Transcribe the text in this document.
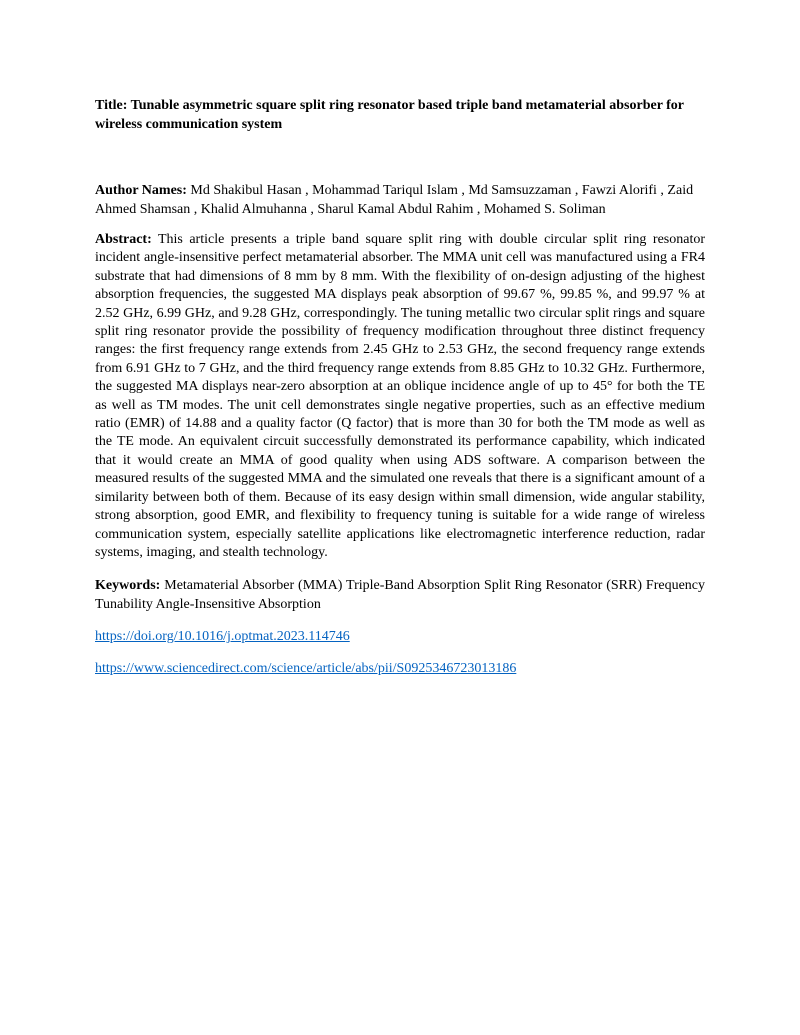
Title: Tunable asymmetric square split ring resonator based triple band metamaterial absorber for wireless communication system

Author Names: Md Shakibul Hasan , Mohammad Tariqul Islam , Md Samsuzzaman , Fawzi Alorifi , Zaid Ahmed Shamsan , Khalid Almuhanna , Sharul Kamal Abdul Rahim , Mohamed S. Soliman
Abstract: This article presents a triple band square split ring with double circular split ring resonator incident angle-insensitive perfect metamaterial absorber. The MMA unit cell was manufactured using a FR4 substrate that had dimensions of 8 mm by 8 mm. With the flexibility of on-design adjusting of the highest absorption frequencies, the suggested MA displays peak absorption of 99.67 %, 99.85 %, and 99.97 % at 2.52 GHz, 6.99 GHz, and 9.28 GHz, correspondingly. The tuning metallic two circular split rings and square split ring resonator provide the possibility of frequency modification throughout three distinct frequency ranges: the first frequency range extends from 2.45 GHz to 2.53 GHz, the second frequency range extends from 6.91 GHz to 7 GHz, and the third frequency range extends from 8.85 GHz to 10.32 GHz. Furthermore, the suggested MA displays near-zero absorption at an oblique incidence angle of up to 45° for both the TE as well as TM modes. The unit cell demonstrates single negative properties, such as an effective medium ratio (EMR) of 14.88 and a quality factor (Q factor) that is more than 30 for both the TM mode as well as the TE mode. An equivalent circuit successfully demonstrated its performance capability, which indicated that it would create an MMA of good quality when using ADS software. A comparison between the measured results of the suggested MMA and the simulated one reveals that there is a significant amount of a similarity between both of them. Because of its easy design within small dimension, wide angular stability, strong absorption, good EMR, and flexibility to frequency tuning is suitable for a wide range of wireless communication system, especially satellite applications like electromagnetic interference reduction, radar systems, imaging, and stealth technology.
Keywords: Metamaterial Absorber (MMA) Triple-Band Absorption Split Ring Resonator (SRR) Frequency Tunability Angle-Insensitive Absorption
https://doi.org/10.1016/j.optmat.2023.114746
https://www.sciencedirect.com/science/article/abs/pii/S0925346723013186
